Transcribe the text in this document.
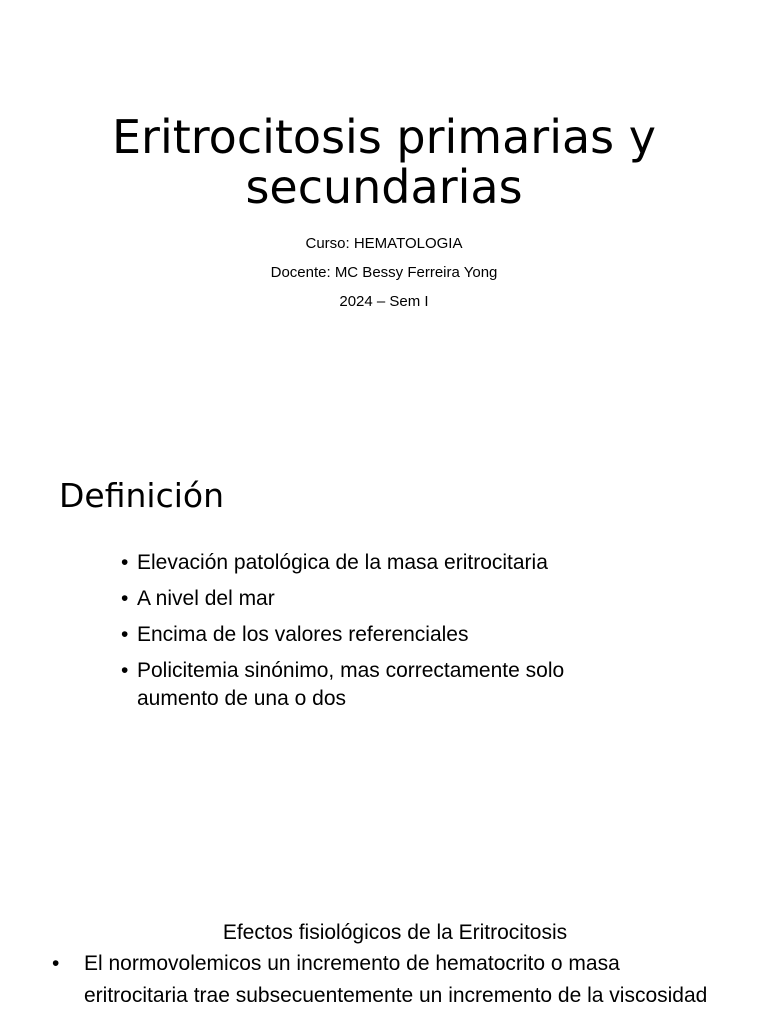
Eritrocitosis primarias y secundarias
Curso: HEMATOLOGIA
Docente: MC Bessy Ferreira Yong
2024 – Sem I
Definición
• Elevación patológica de la masa eritrocitaria
• A nivel del mar
• Encima de los valores referenciales
• Policitemia sinónimo, mas correctamente solo aumento de una o dos
Efectos fisiológicos de la Eritrocitosis
• El normovolemicos un incremento de hematocrito o masa eritrocitaria trae subsecuentemente un incremento de la viscosidad
